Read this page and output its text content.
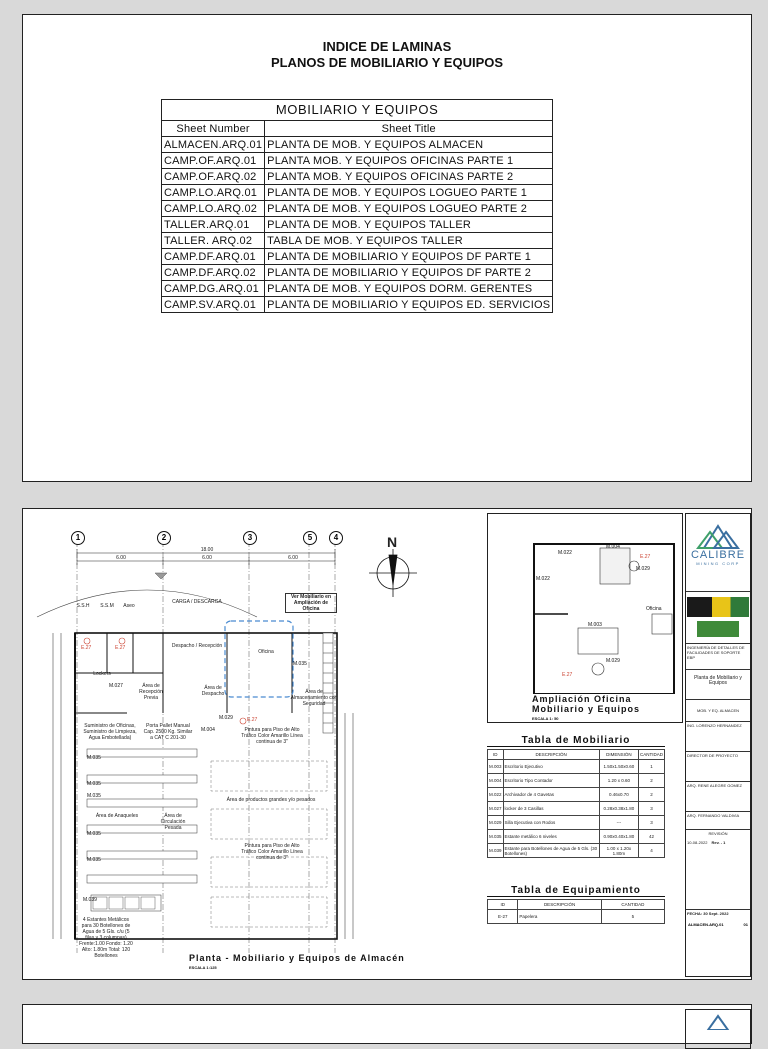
INDICE DE LAMINAS
PLANOS DE MOBILIARIO Y EQUIPOS
MOBILIARIO Y EQUIPOS	
Sheet Number	Sheet Title
ALMACEN.ARQ.01	PLANTA DE MOB. Y EQUIPOS ALMACEN
CAMP.OF.ARQ.01	PLANTA MOB. Y EQUIPOS OFICINAS PARTE 1
CAMP.OF.ARQ.02	PLANTA MOB. Y EQUIPOS OFICINAS PARTE 2
CAMP.LO.ARQ.01	PLANTA DE MOB. Y EQUIPOS LOGUEO PARTE 1
CAMP.LO.ARQ.02	PLANTA DE MOB. Y EQUIPOS LOGUEO PARTE 2
TALLER.ARQ.01	PLANTA DE MOB. Y EQUIPOS TALLER
TALLER. ARQ.02	TABLA DE MOB. Y EQUIPOS TALLER
CAMP.DF.ARQ.01	PLANTA DE MOBILIARIO Y EQUIPOS DF PARTE 1
CAMP.DF.ARQ.02	PLANTA DE MOBILIARIO Y EQUIPOS DF PARTE 2
CAMP.DG.ARQ.01	PLANTA DE MOB. Y EQUIPOS DORM. GERENTES
CAMP.SV.ARQ.01	PLANTA DE MOBILIARIO Y EQUIPOS ED. SERVICIOS
1	2	3	5	4	N
18.00
6.00	6.00	6.00
CARGA / DESCARGA
Ver Mobiliario en Ampliación de Oficina
S.S.H	S.S.M	Aseo
Despacho / Recepción
Oficina
Lockers
Área de Recepción Previa
Área de Despacho	Área de Almacenamiento con Seguridad
Suministro de Oficinas, Suministro de Limpieza, Agua Embotellada)
Porta Pallet Manual Cap. 2500 Kg. Similar a CAT C 201-30
Pintura para Piso de Alto Tráfico Color Amarillo Línea continua de 3"
Área de productos grandes y/o pesados
Área de Anaqueles	Área de Circulación Pesada
Pintura para Piso de Alto Tráfico Color Amarillo Línea continua de 3"
4 Estantes Metálicos para 30 Botellones de Agua de 5 Gls. c/u (5 filas y 3 columnas) Frente:1.00 Fondo: 1.20 Alto: 1.80m Total: 120 Botellones
M.035
M.035
M.035
M.035
M.035
M.035
M.027
M.004
M.029
M.039
E.27	E.27
E.27
Planta - Mobiliario y Equipos de Almacén
ESCALA 1:125
M.022
M.004
M.022
M.029
M.003
M.029
E.27
E.27
Oficina
Ampliación Oficina
Mobiliario y Equipos
ESCALA 1: 50
Tabla de Mobiliario
ID	DESCRIPCIÓN	DIMENSIÓN	CANTIDAD
M.003	Escritorio Ejecutivo	1.50x1.50x0.60	1
M.004	Escritorio Tipo Contador	1.20 x 0.60	2
M.022	Archivador de 4 Gavetas	0.46x0.70	2
M.027	locker de 3 Casillas	0.28x0.38x1.80	3
M.029	Silla Ejecutiva con Rodos	---	3
M.035	Estante metálico 6 niveles	0.90x0.40x1.80	42
M.039	Estante para Botellones de Agua de 5 Gls. (30 Botellones)	1.00 x 1.20x 1.80m	4
Tabla de Equipamiento
ID	DESCRIPCIÓN	CANTIDAD
E-27	Papelera	5
CALIBRE
MINING CORP
INGENIERÍA DE DETALLES DE FACILIDADES DE SOPORTE EBP
Planta de Mobiliario y Equipos
MOB. Y EQ. ALMACEN
ING. LORENZO HERNANDEZ
DIRECTOR DE PROYECTO
ARQ. RENE ALEGRE GOMEZ
ARQ. FERNANDO VALDIVIA
REVISIÓN
10-08-2022 Rev. - 1
FECHA: 30 Sept. 2022
ALMACEN.ARQ.01	01
